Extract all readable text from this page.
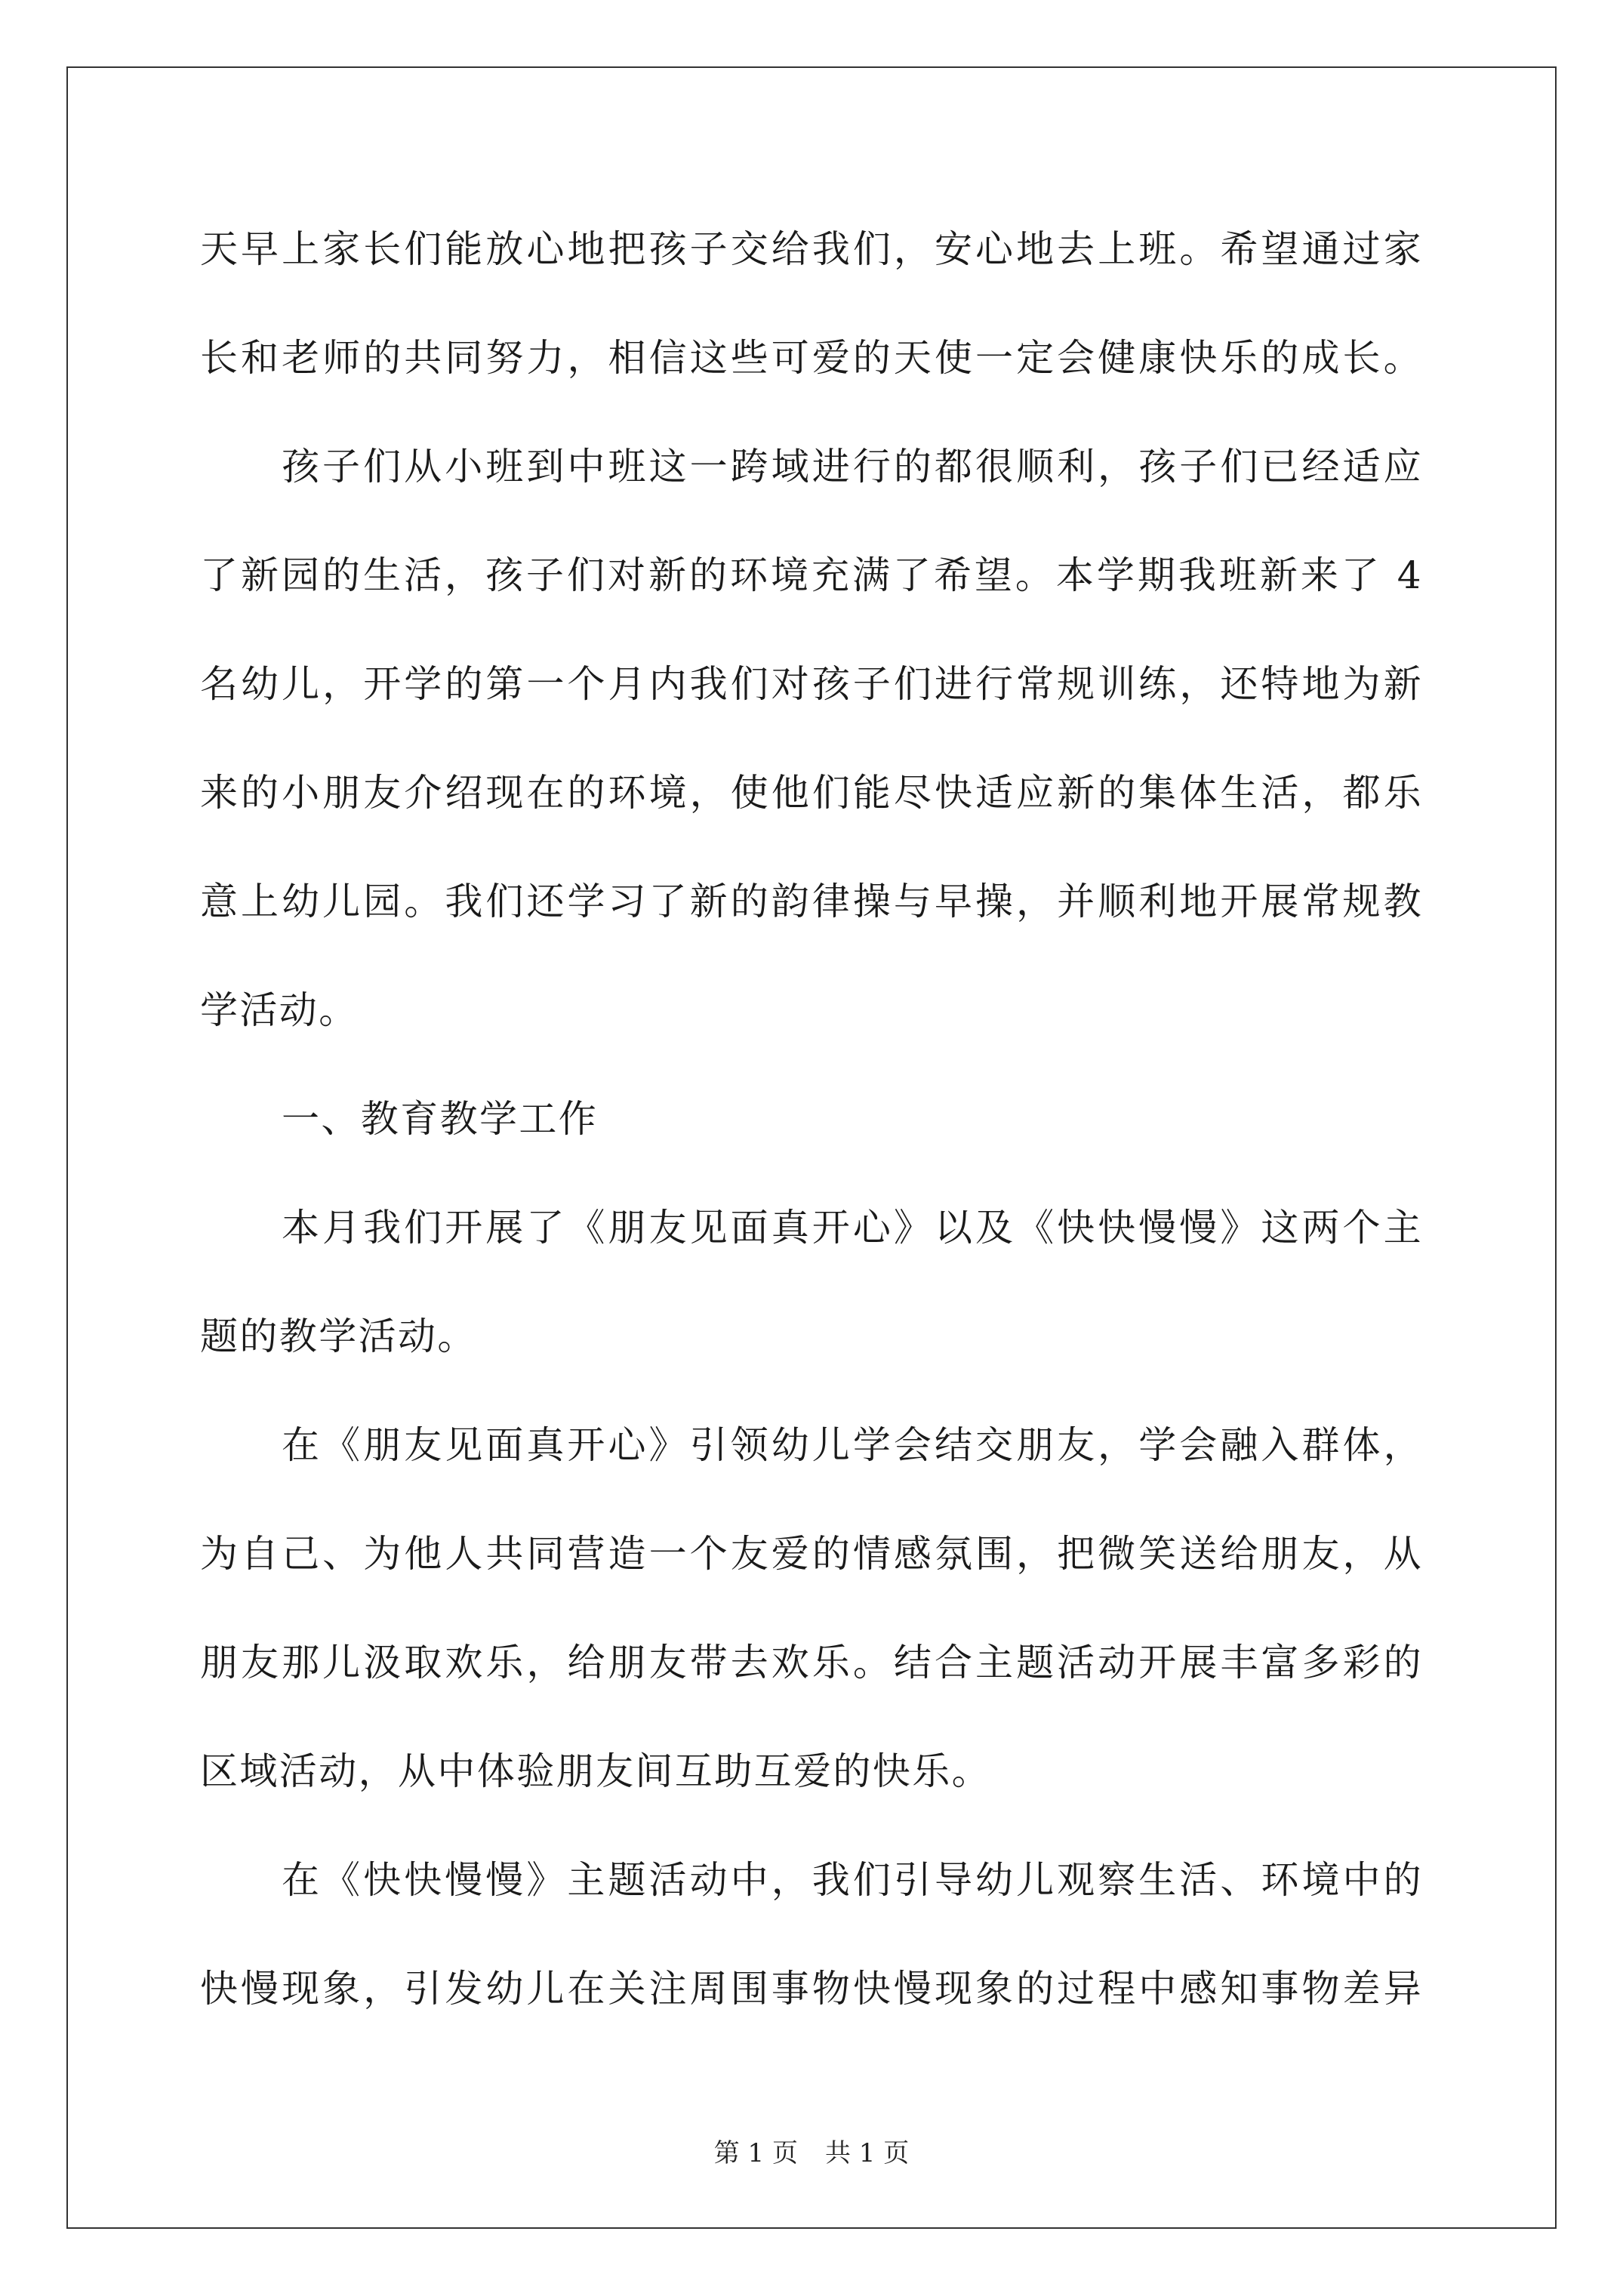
天早上家长们能放心地把孩子交给我们，安心地去上班。希望通过家
长和老师的共同努力，相信这些可爱的天使一定会健康快乐的成长。
孩子们从小班到中班这一跨域进行的都很顺利，孩子们已经适应
了新园的生活，孩子们对新的环境充满了希望。本学期我班新来了 4
名幼儿，开学的第一个月内我们对孩子们进行常规训练，还特地为新
来的小朋友介绍现在的环境，使他们能尽快适应新的集体生活，都乐
意上幼儿园。我们还学习了新的韵律操与早操，并顺利地开展常规教
学活动。
一、教育教学工作
本月我们开展了《朋友见面真开心》以及《快快慢慢》这两个主
题的教学活动。
在《朋友见面真开心》引领幼儿学会结交朋友，学会融入群体，
为自己、为他人共同营造一个友爱的情感氛围，把微笑送给朋友，从
朋友那儿汲取欢乐，给朋友带去欢乐。结合主题活动开展丰富多彩的
区域活动，从中体验朋友间互助互爱的快乐。
在《快快慢慢》主题活动中，我们引导幼儿观察生活、环境中的
快慢现象，引发幼儿在关注周围事物快慢现象的过程中感知事物差异
第 1 页 共 1 页
